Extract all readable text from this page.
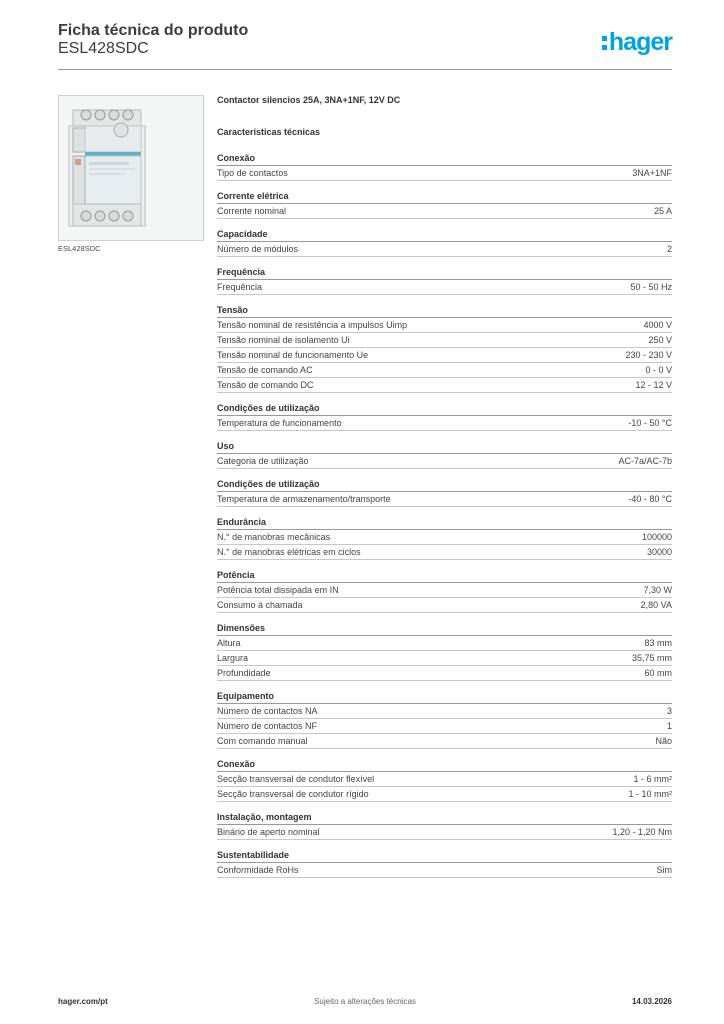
Ficha técnica do produto
ESL428SDC	hager
ESL428SDC
Contactor silencios 25A, 3NA+1NF, 12V DC
Características técnicas
Conexão
Tipo de contactos	3NA+1NF
Corrente elétrica
Corrente nominal	25 A
Capacidade
Número de módulos	2
Frequência
Frequência	50 - 50 Hz
Tensão
Tensão nominal de resistência a impulsos Uimp	4000 V
Tensão nominal de isolamento Ui	250 V
Tensão nominal de funcionamento Ue	230 - 230 V
Tensão de comando AC	0 - 0 V
Tensão de comando DC	12 - 12 V
Condições de utilização
Temperatura de funcionamento	-10 - 50 °C
Uso
Categoria de utilização	AC-7a/AC-7b
Condições de utilização
Temperatura de armazenamento/transporte	-40 - 80 °C
Endurância
N.° de manobras mecânicas	100000
N.° de manobras elétricas em ciclos	30000
Potência
Potência total dissipada em IN	7,30 W
Consumo à chamada	2,80 VA
Dimensões
Altura	83 mm
Largura	35,75 mm
Profundidade	60 mm
Equipamento
Número de contactos NA	3
Número de contactos NF	1
Com comando manual	Não
Conexão
Secção transversal de condutor flexível	1 - 6 mm²
Secção transversal de condutor rígido	1 - 10 mm²
Instalação, montagem
Binário de aperto nominal	1,20 - 1,20 Nm
Sustentabilidade
Conformidade RoHs	Sim
hager.com/pt	Sujeito a alterações técnicas	14.03.2026
